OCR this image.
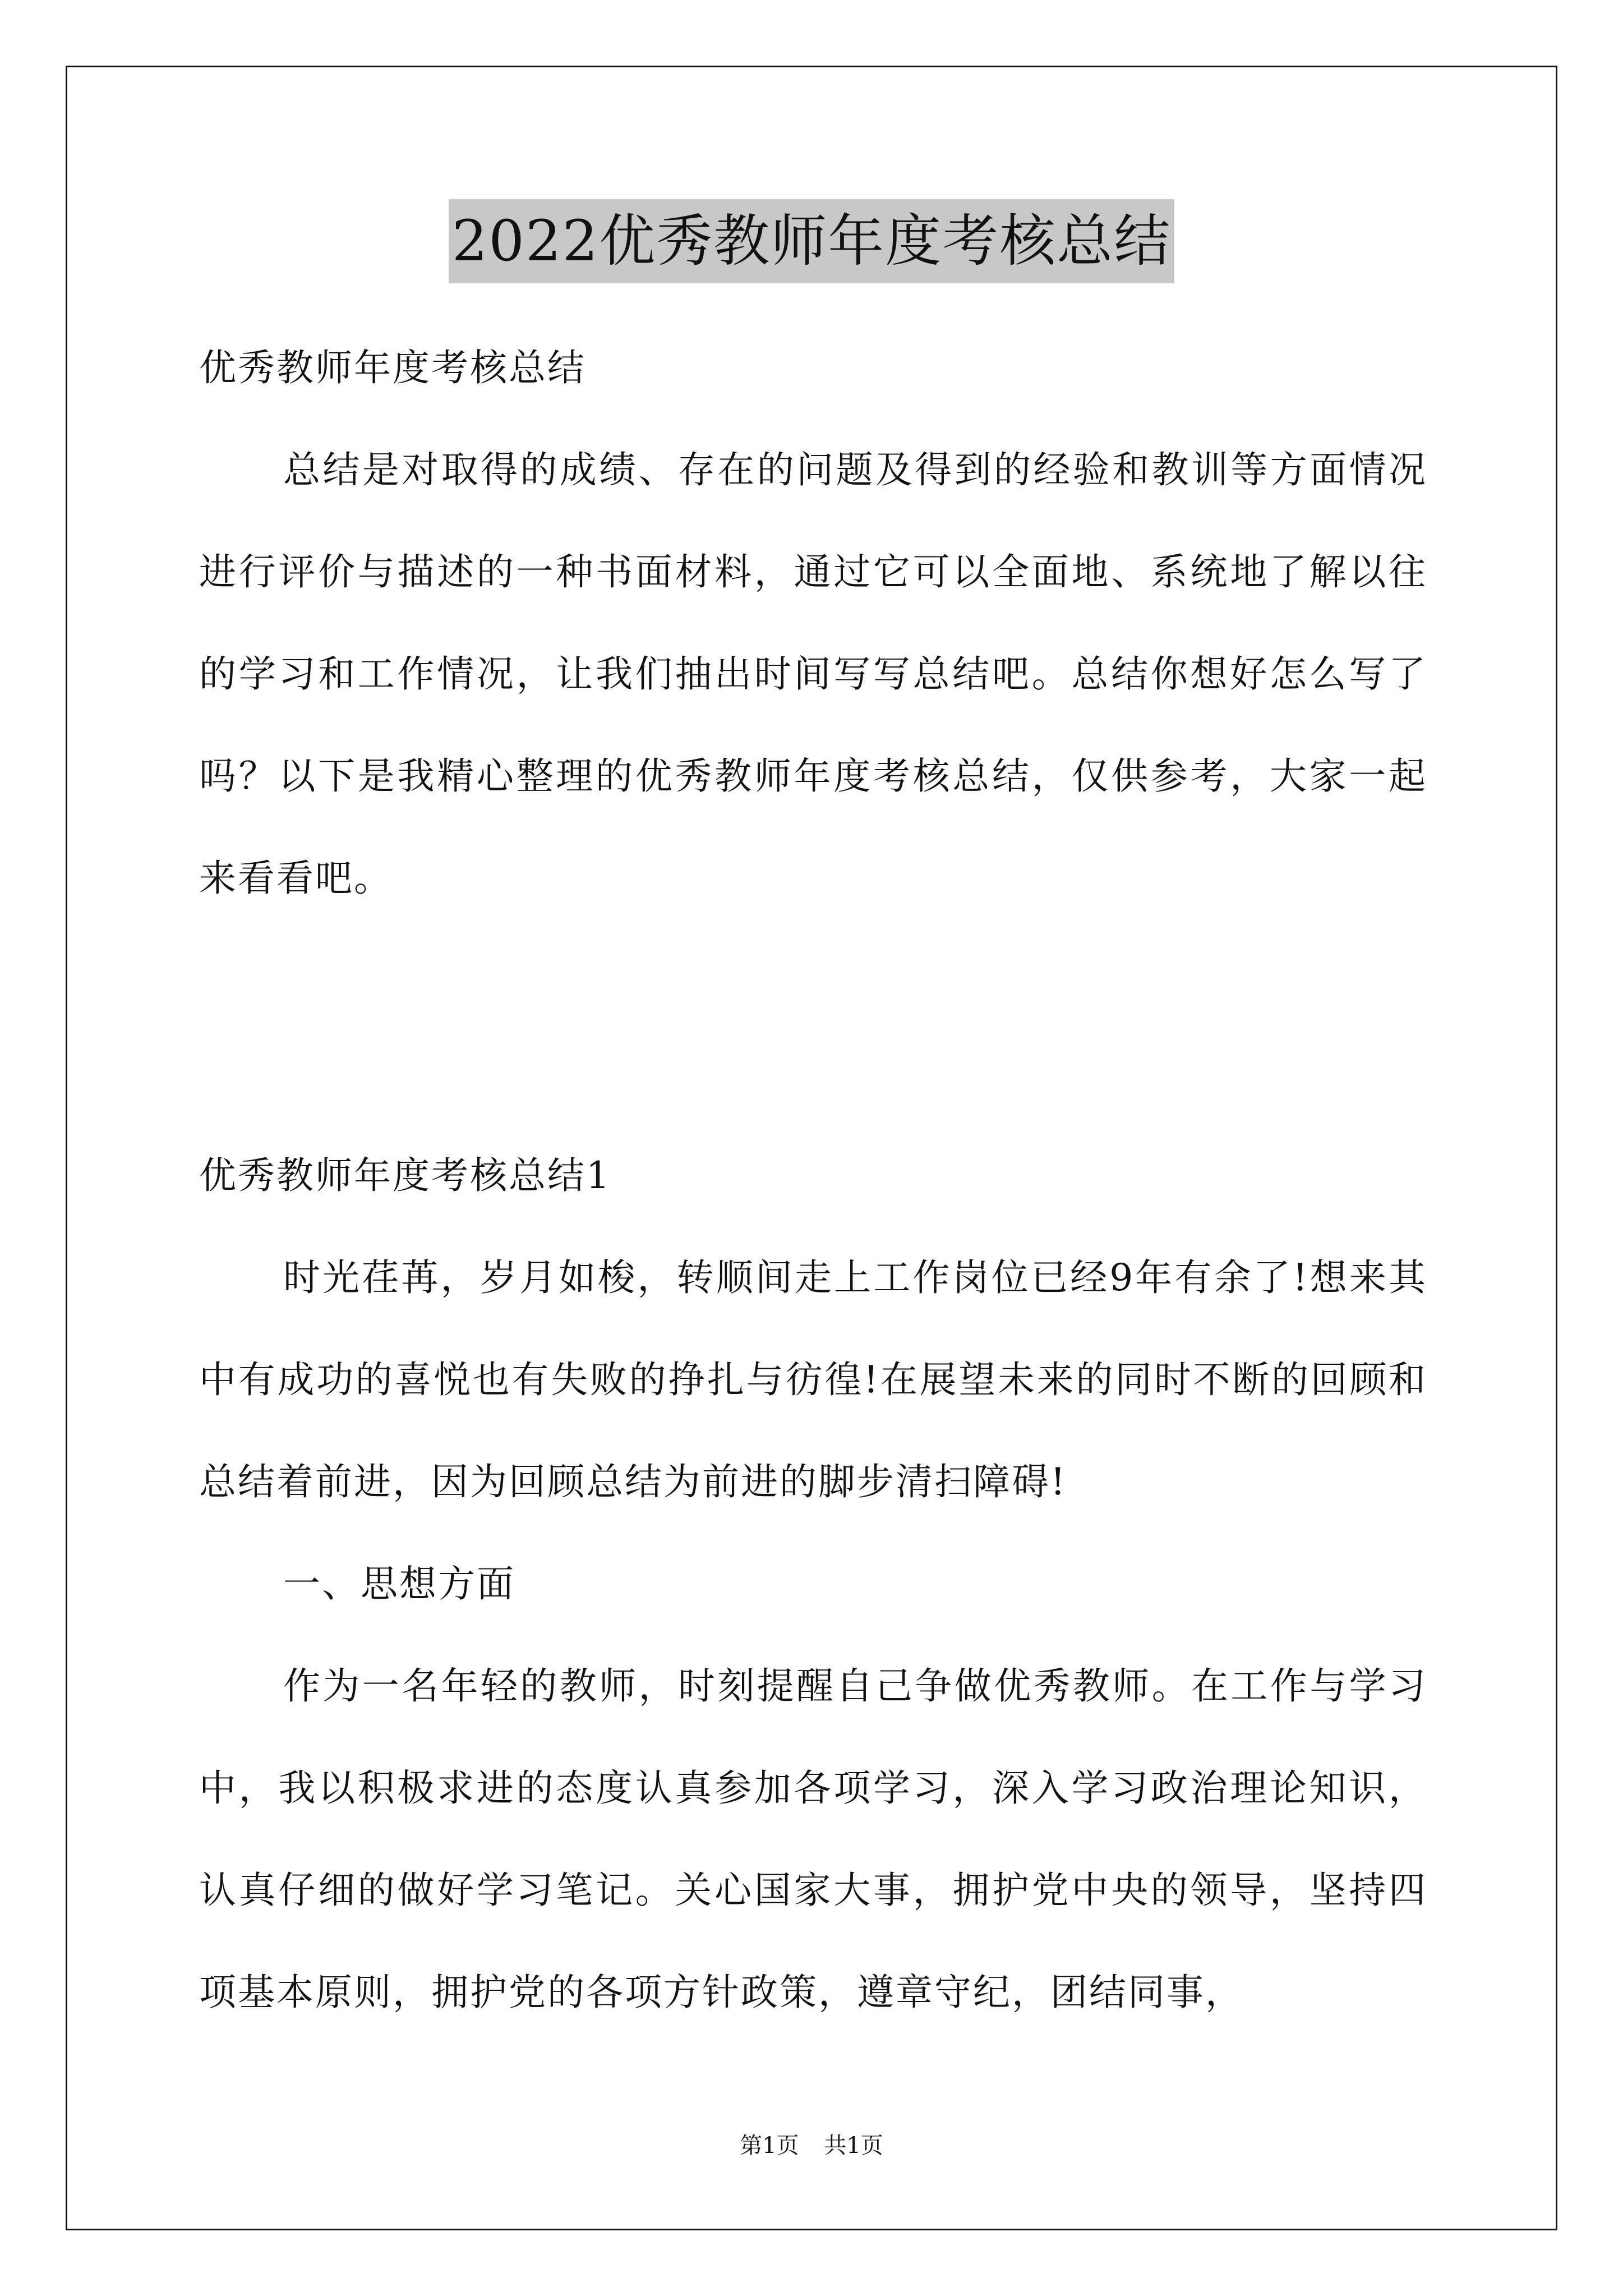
2022优秀教师年度考核总结

优秀教师年度考核总结

总结是对取得的成绩、存在的问题及得到的经验和教训等方面情况进行评价与描述的一种书面材料，通过它可以全面地、系统地了解以往的学习和工作情况，让我们抽出时间写写总结吧。总结你想好怎么写了吗？以下是我精心整理的优秀教师年度考核总结，仅供参考，大家一起来看看吧。

优秀教师年度考核总结1

时光荏苒，岁月如梭，转顺间走上工作岗位已经9年有余了!想来其中有成功的喜悦也有失败的挣扎与彷徨!在展望未来的同时不断的回顾和总结着前进，因为回顾总结为前进的脚步清扫障碍!

一、思想方面

作为一名年轻的教师，时刻提醒自己争做优秀教师。在工作与学习中，我以积极求进的态度认真参加各项学习，深入学习政治理论知识，认真仔细的做好学习笔记。关心国家大事，拥护党中央的领导，坚持四项基本原则，拥护党的各项方针政策，遵章守纪，团结同事，

第1页 共1页
